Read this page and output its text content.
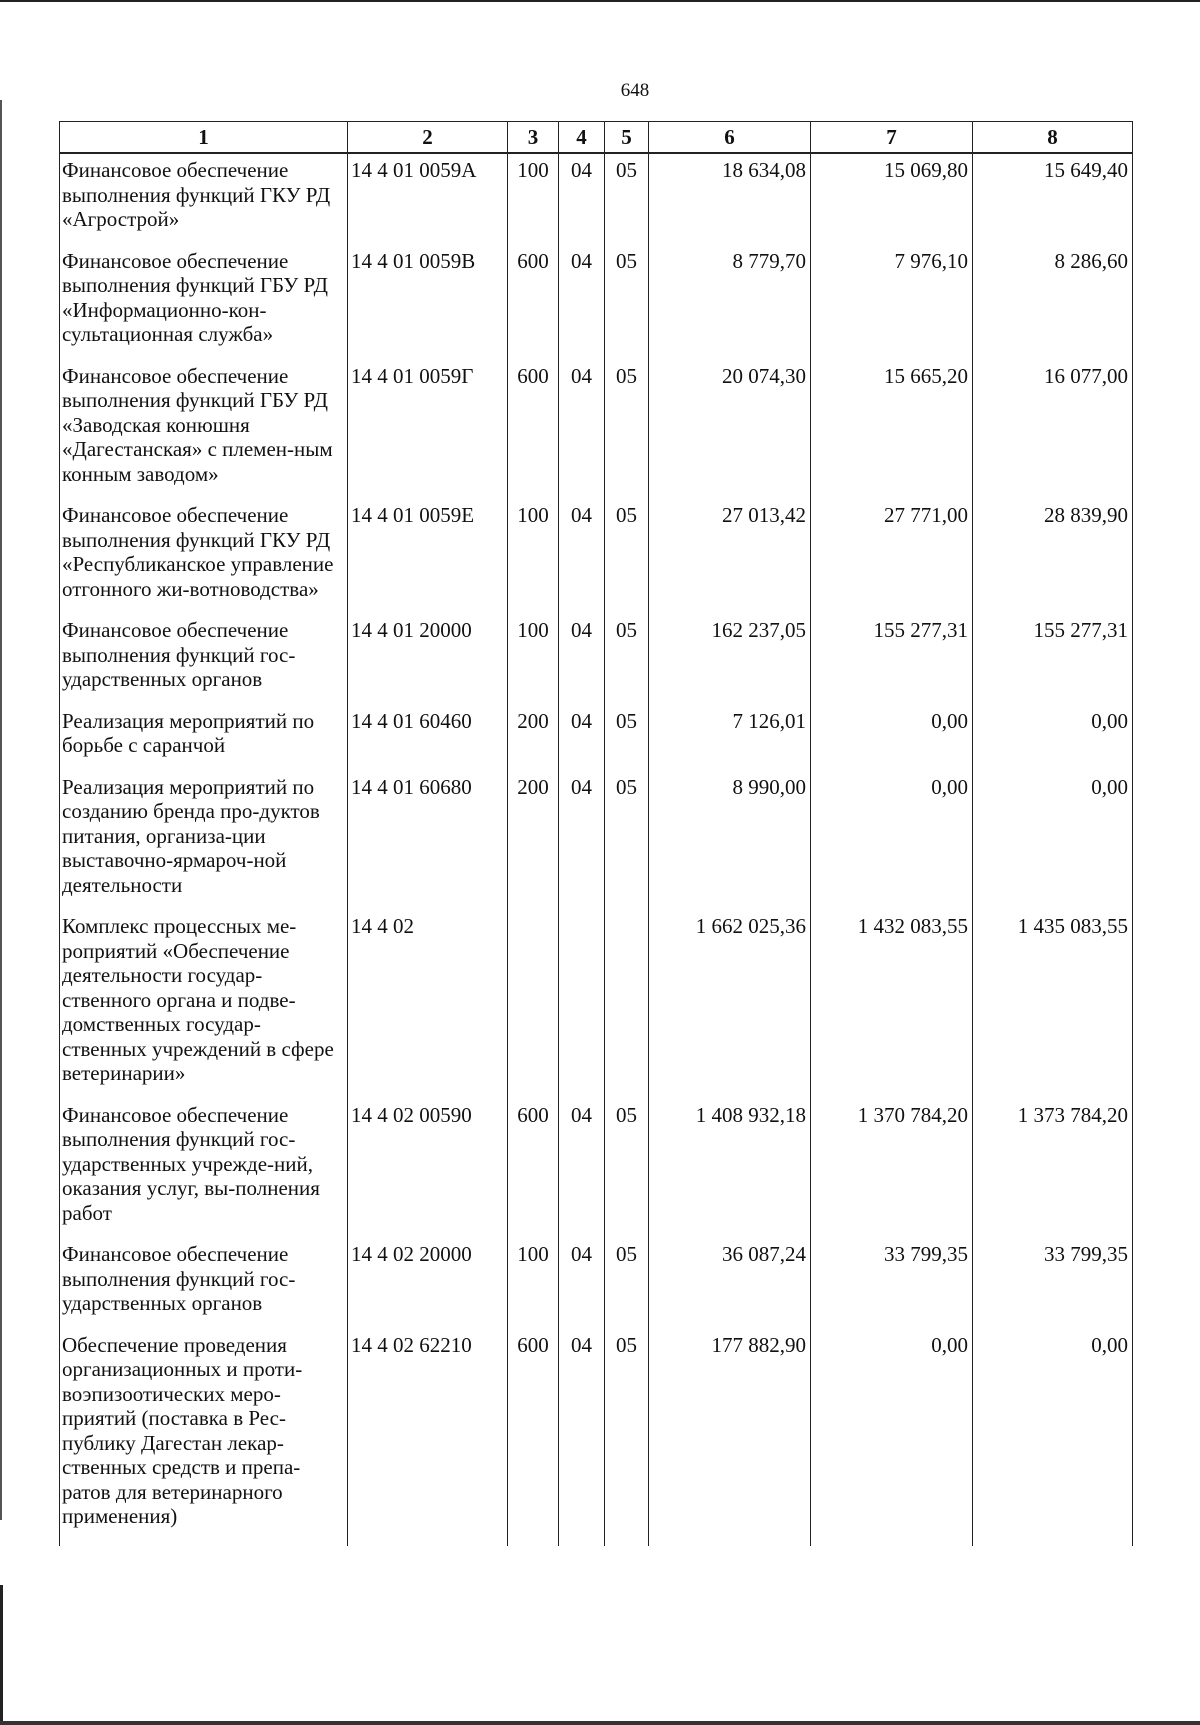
648
1	2	3	4	5	6	7	8
Финансовое обеспечение выполнения функций ГКУ РД «Агрострой»	14 4 01 0059А	100	04	05	18 634,08	15 069,80	15 649,40
Финансовое обеспечение выполнения функций ГБУ РД «Информационно-кон-сультационная служба»	14 4 01 0059В	600	04	05	8 779,70	7 976,10	8 286,60
Финансовое обеспечение выполнения функций ГБУ РД «Заводская конюшня «Дагестанская» с племен-ным конным заводом»	14 4 01 0059Г	600	04	05	20 074,30	15 665,20	16 077,00
Финансовое обеспечение выполнения функций ГКУ РД «Республиканское управление отгонного жи-вотноводства»	14 4 01 0059Е	100	04	05	27 013,42	27 771,00	28 839,90
Финансовое обеспечение выполнения функций гос-ударственных органов	14 4 01 20000	100	04	05	162 237,05	155 277,31	155 277,31
Реализация мероприятий по борьбе с саранчой	14 4 01 60460	200	04	05	7 126,01	0,00	0,00
Реализация мероприятий по созданию бренда про-дуктов питания, организа-ции выставочно-ярмароч-ной деятельности	14 4 01 60680	200	04	05	8 990,00	0,00	0,00
Комплекс процессных ме-роприятий «Обеспечение деятельности государ-ственного органа и подве-домственных государ-ственных учреждений в сфере ветеринарии»	14 4 02				1 662 025,36	1 432 083,55	1 435 083,55
Финансовое обеспечение выполнения функций гос-ударственных учрежде-ний, оказания услуг, вы-полнения работ	14 4 02 00590	600	04	05	1 408 932,18	1 370 784,20	1 373 784,20
Финансовое обеспечение выполнения функций гос-ударственных органов	14 4 02 20000	100	04	05	36 087,24	33 799,35	33 799,35
Обеспечение проведения организационных и проти-воэпизоотических меро-приятий (поставка в Рес-публику Дагестан лекар-ственных средств и препа-ратов для ветеринарного применения)	14 4 02 62210	600	04	05	177 882,90	0,00	0,00
